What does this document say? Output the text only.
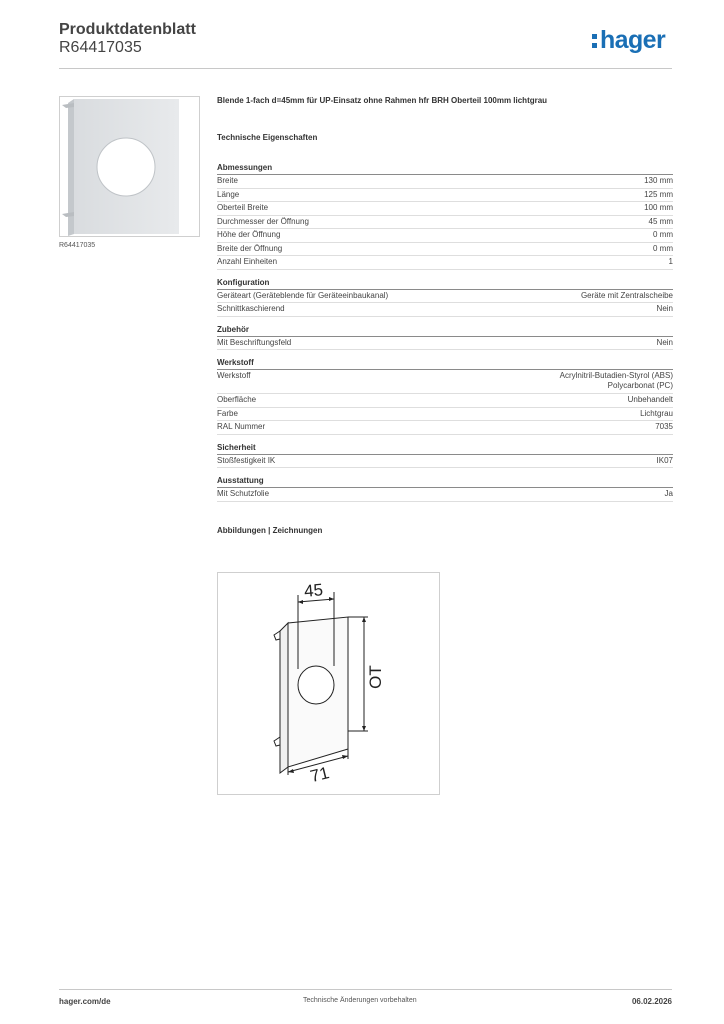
Produktdatenblatt
R64417035	hager
R64417035
Blende 1-fach d=45mm für UP-Einsatz ohne Rahmen hfr BRH Oberteil 100mm lichtgrau
Technische Eigenschaften
Abmessungen
Breite	130 mm
Länge	125 mm
Oberteil Breite	100 mm
Durchmesser der Öffnung	45 mm
Höhe der Öffnung	0 mm
Breite der Öffnung	0 mm
Anzahl Einheiten	1
Konfiguration
Geräteart (Geräteblende für Geräteeinbaukanal)	Geräte mit Zentralscheibe
Schnittkaschierend	Nein
Zubehör
Mit Beschriftungsfeld	Nein
Werkstoff
Werkstoff	Acrylnitril-Butadien-Styrol (ABS)
Polycarbonat (PC)
Oberfläche	Unbehandelt
Farbe	Lichtgrau
RAL Nummer	7035
Sicherheit
Stoßfestigkeit IK	IK07
Ausstattung
Mit Schutzfolie	Ja
Abbildungen | Zeichnungen
45
OT
71
hager.com/de	Technische Änderungen vorbehalten	06.02.2026
